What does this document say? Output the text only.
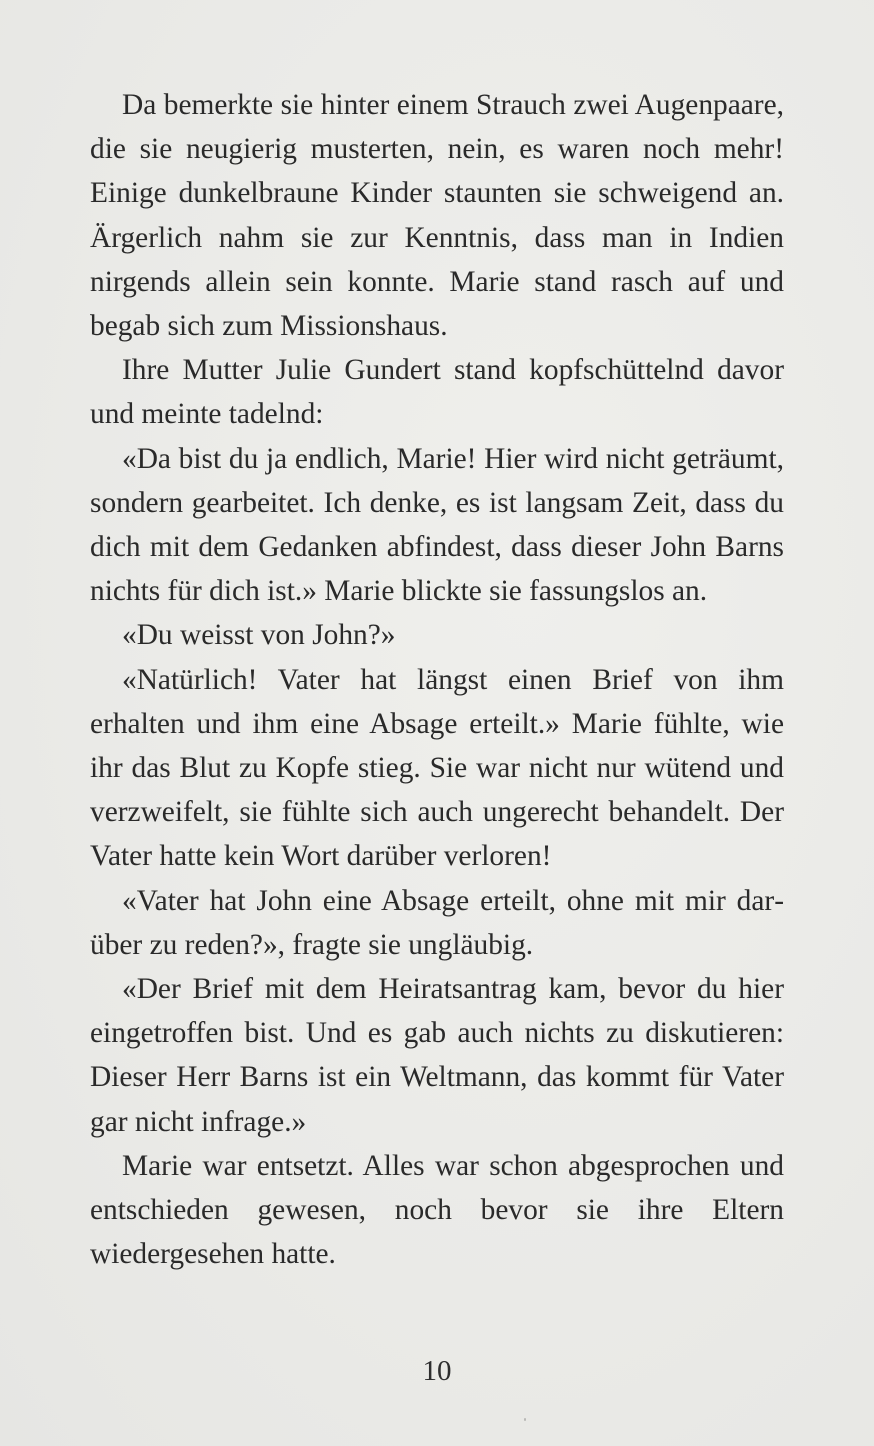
Da bemerkte sie hinter einem Strauch zwei Augenpaare, die sie neugierig musterten, nein, es waren noch mehr! Einige dunkelbraune Kinder staunten sie schweigend an. Ärgerlich nahm sie zur Kenntnis, dass man in Indien nirgends allein sein konnte. Marie stand rasch auf und begab sich zum Missionshaus.

Ihre Mutter Julie Gundert stand kopfschüttelnd davor und meinte tadelnd:

«Da bist du ja endlich, Marie! Hier wird nicht geträumt, sondern gearbeitet. Ich denke, es ist langsam Zeit, dass du dich mit dem Gedanken abfindest, dass dieser John Barns nichts für dich ist.» Marie blickte sie fassungslos an.

«Du weisst von John?»

«Natürlich! Vater hat längst einen Brief von ihm erhalten und ihm eine Absage erteilt.» Marie fühlte, wie ihr das Blut zu Kopfe stieg. Sie war nicht nur wütend und verzweifelt, sie fühlte sich auch ungerecht behandelt. Der Vater hatte kein Wort darüber verloren!

«Vater hat John eine Absage erteilt, ohne mit mir darüber zu reden?», fragte sie ungläubig.

«Der Brief mit dem Heiratsantrag kam, bevor du hier eingetroffen bist. Und es gab auch nichts zu diskutieren: Dieser Herr Barns ist ein Weltmann, das kommt für Vater gar nicht infrage.»

Marie war entsetzt. Alles war schon abgesprochen und entschieden gewesen, noch bevor sie ihre Eltern wiedergesehen hatte.

10
